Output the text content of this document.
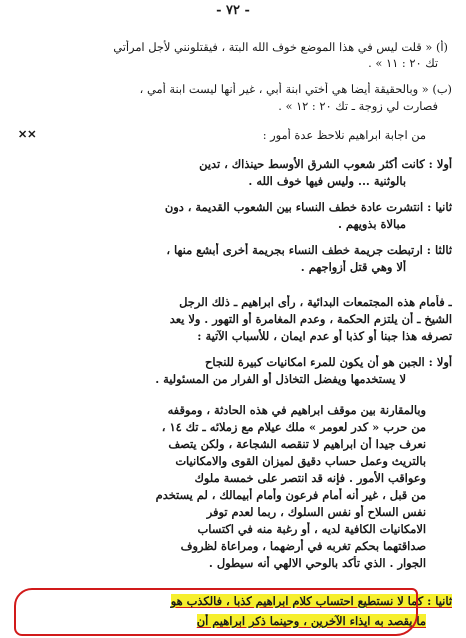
- ٧٢ -
(أ) « قلت ليس في هذا الموضع خوف الله البتة ، فيقتلونني لأجل امرأتي
تك ٢٠ : ١١ » .
(ب) « وبالحقيقة أيضا هي أختي ابنة أبي ، غير أنها ليست ابنة أمي ،
فصارت لي زوجة ـ تك ٢٠ : ١٢ » .
✕✕	من اجابة ابراهيم نلاحظ عدة أمور :
أولا : كانت أكثر شعوب الشرق الأوسط حينذاك ، تدين
بالوثنية ... وليس فيها خوف الله .
ثانيا : انتشرت عادة خطف النساء بين الشعوب القديمة ، دون
مبالاة بذويهم .
ثالثا : ارتبطت جريمة خطف النساء بجريمة أخرى أبشع منها ،
ألا وهي قتل أزواجهم .
ـ فأمام هذه المجتمعات البدائية ، رأى ابراهيم ـ ذلك الرجل
الشيخ ـ أن يلتزم الحكمة ، وعدم المغامرة أو التهور . ولا يعد
تصرفه هذا جبنا أو كذبا أو عدم ايمان ، للأسباب الآتية :
أولا : الجبن هو أن يكون للمرء امكانيات كبيرة للنجاح
لا يستخدمها ويفضل التخاذل أو الفرار من المسئولية .
وبالمقارنة بين موقف ابراهيم في هذه الحادثة ، وموقفه
من حرب « كدر لعومر » ملك عيلام مع زملائه ـ تك ١٤ ،
نعرف جيدا أن ابراهيم لا تنقصه الشجاعة ، ولكن يتصف
بالتريث وعمل حساب دقيق لميزان القوى والامكانيات
وعواقب الأمور . فإنه قد انتصر على خمسة ملوك
من قبل ، غير أنه أمام فرعون وأمام أبيمالك ، لم يستخدم
نفس السلاح أو نفس السلوك ، ربما لعدم توفر
الامكانيات الكافية لديه ، أو رغبة منه في اكتساب
صداقتهما بحكم تغربه في أرضهما ، ومراعاة لظروف
الجوار . الذي تأكد بالوحي الالهي أنه سيطول .
ثانيا : كما لا نستطيع احتساب كلام ابراهيم كذبا ، فالكذب هو
ما يقصد به ايذاء الآخرين ، وحينما ذكر ابراهيم أن
